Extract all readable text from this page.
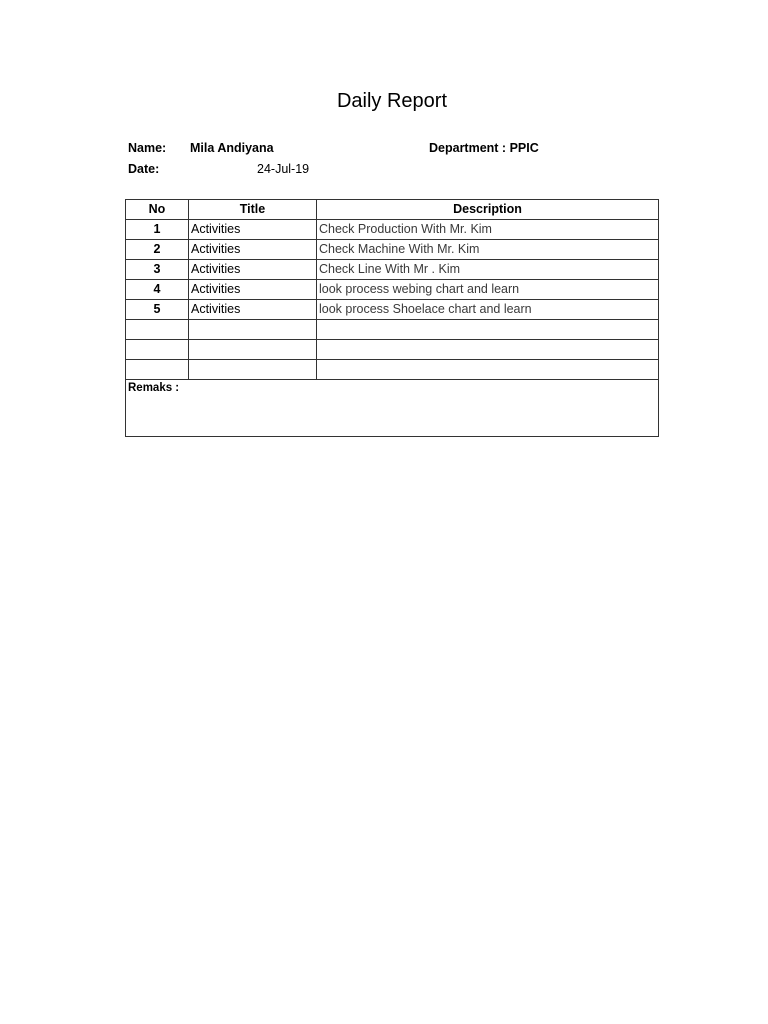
Daily Report
Name: Mila Andiyana	Department : PPIC
Date:	24-Jul-19
No	Title	Description
1	Activities	Check Production With Mr. Kim
2	Activities	Check Machine With Mr. Kim
3	Activities	Check Line With Mr . Kim
4	Activities	look process webing chart and learn
5	Activities	look process Shoelace chart and learn

Remaks :		
